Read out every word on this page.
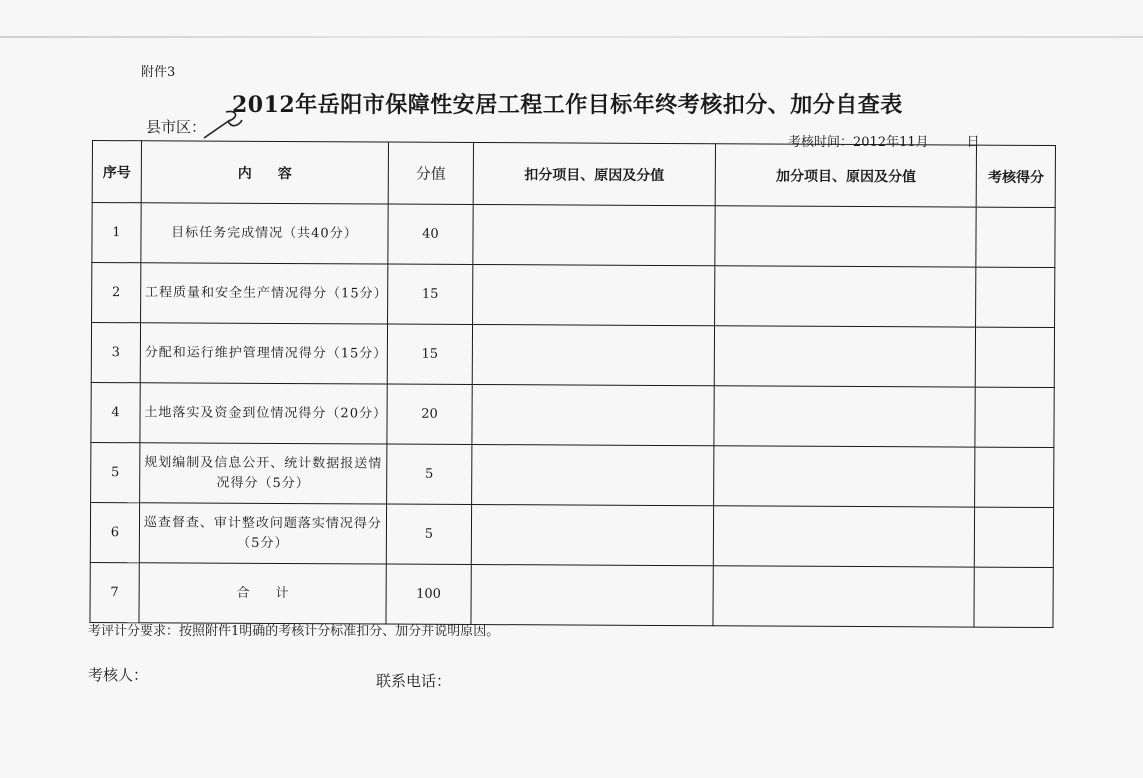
附件3
2012年岳阳市保障性安居工程工作目标年终考核扣分、加分自查表
县市区：
考核时间：2012年11月	日
序号	内容	分值	扣分项目、原因及分值	加分项目、原因及分值	考核得分
1	目标任务完成情况（共40分）	40			
2	工程质量和安全生产情况得分（15分）	15			
3	分配和运行维护管理情况得分（15分）	15			
4	土地落实及资金到位情况得分（20分）	20			
5	规划编制及信息公开、统计数据报送情况得分（5分）	5			
6	巡查督查、审计整改问题落实情况得分（5分）	5			
7	合计	100			
考评计分要求：按照附件1明确的考核计分标准扣分、加分并说明原因。
考核人：	联系电话：
